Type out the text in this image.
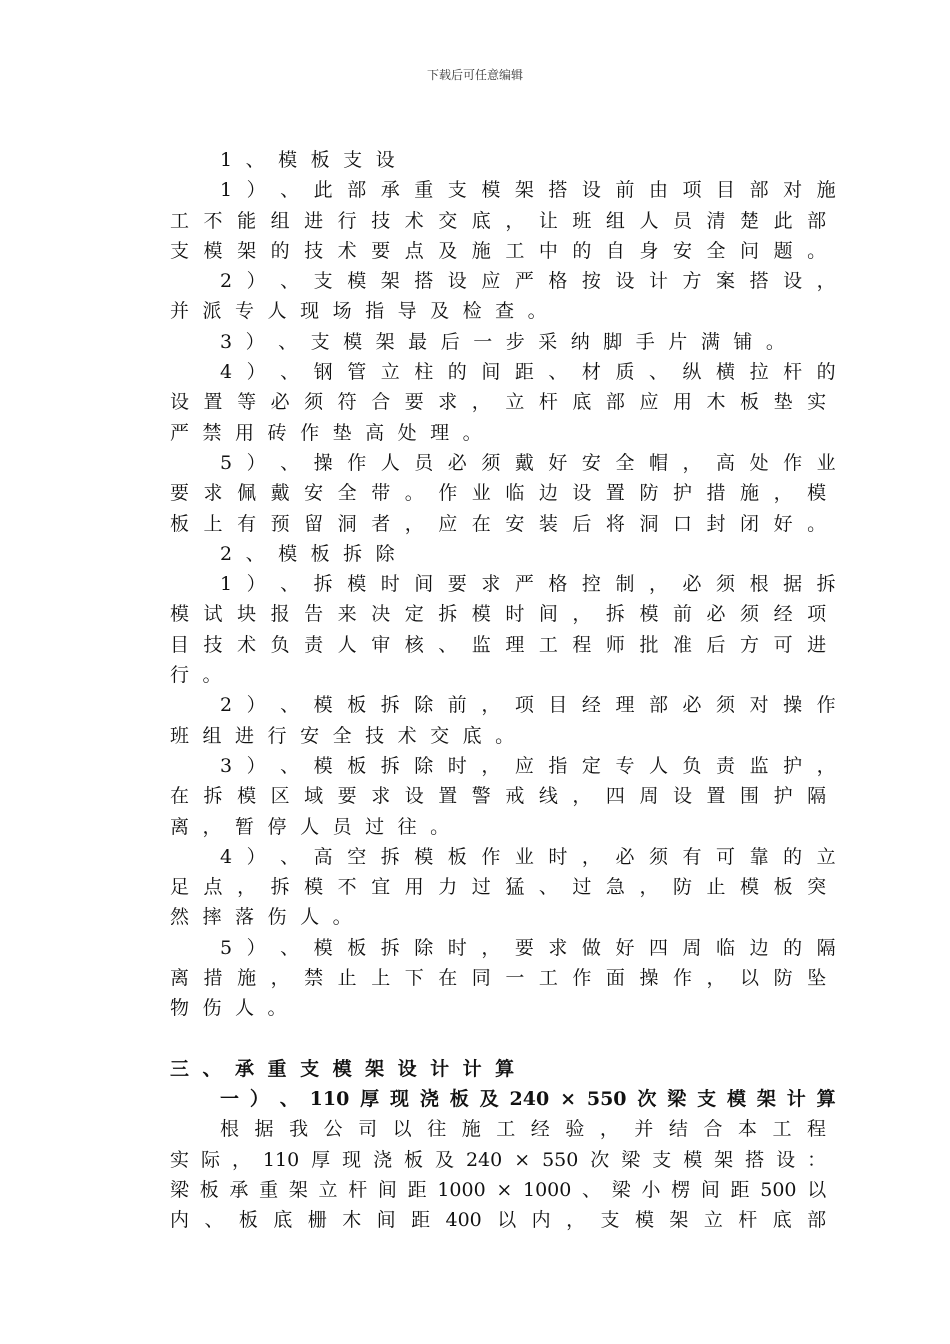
下载后可任意编辑
1 、 模 板 支 设
1 ） 、 此 部 承 重 支 模 架 搭 设 前 由 项 目 部 对 施
工 不 能 组 进 行 技 术 交 底 ， 让 班 组 人 员 清 楚 此 部
支 模 架 的 技 术 要 点 及 施 工 中 的 自 身 安 全 问 题 。
2 ） 、 支 模 架 搭 设 应 严 格 按 设 计 方 案 搭 设 ，
并 派 专 人 现 场 指 导 及 检 查 。
3 ） 、 支 模 架 最 后 一 步 采 纳 脚 手 片 满 铺 。
4 ） 、 钢 管 立 柱 的 间 距 、 材 质 、 纵 横 拉 杆 的
设 置 等 必 须 符 合 要 求 ， 立 杆 底 部 应 用 木 板 垫 实
严 禁 用 砖 作 垫 高 处 理 。
5 ） 、 操 作 人 员 必 须 戴 好 安 全 帽 ， 高 处 作 业
要 求 佩 戴 安 全 带 。 作 业 临 边 设 置 防 护 措 施 ， 模
板 上 有 预 留 洞 者 ， 应 在 安 装 后 将 洞 口 封 闭 好 。
2 、 模 板 拆 除
1 ） 、 拆 模 时 间 要 求 严 格 控 制 ， 必 须 根 据 拆
模 试 块 报 告 来 决 定 拆 模 时 间 ， 拆 模 前 必 须 经 项
目 技 术 负 责 人 审 核 、 监 理 工 程 师 批 准 后 方 可 进
行 。
2 ） 、 模 板 拆 除 前 ， 项 目 经 理 部 必 须 对 操 作
班 组 进 行 安 全 技 术 交 底 。
3 ） 、 模 板 拆 除 时 ， 应 指 定 专 人 负 责 监 护 ，
在 拆 模 区 域 要 求 设 置 警 戒 线 ， 四 周 设 置 围 护 隔
离 ， 暂 停 人 员 过 往 。
4 ） 、 高 空 拆 模 板 作 业 时 ， 必 须 有 可 靠 的 立
足 点 ， 拆 模 不 宜 用 力 过 猛 、 过 急 ， 防 止 模 板 突
然 摔 落 伤 人 。
5 ） 、 模 板 拆 除 时 ， 要 求 做 好 四 周 临 边 的 隔
离 措 施 ， 禁 止 上 下 在 同 一 工 作 面 操 作 ， 以 防 坠
物 伤 人 。
三 、 承 重 支 模 架 设 计 计 算
一 ） 、 110 厚 现 浇 板 及 240 × 550 次 梁 支 模 架 计 算
根 据 我 公 司 以 往 施 工 经 验 ， 并 结 合 本 工 程
实 际 ， 110 厚 现 浇 板 及 240 × 550 次 梁 支 模 架 搭 设 ：
梁 板 承 重 架 立 杆 间 距 1000 × 1000 、 梁 小 楞 间 距 500 以
内 、 板 底 栅 木 间 距 400 以 内 ， 支 模 架 立 杆 底 部
